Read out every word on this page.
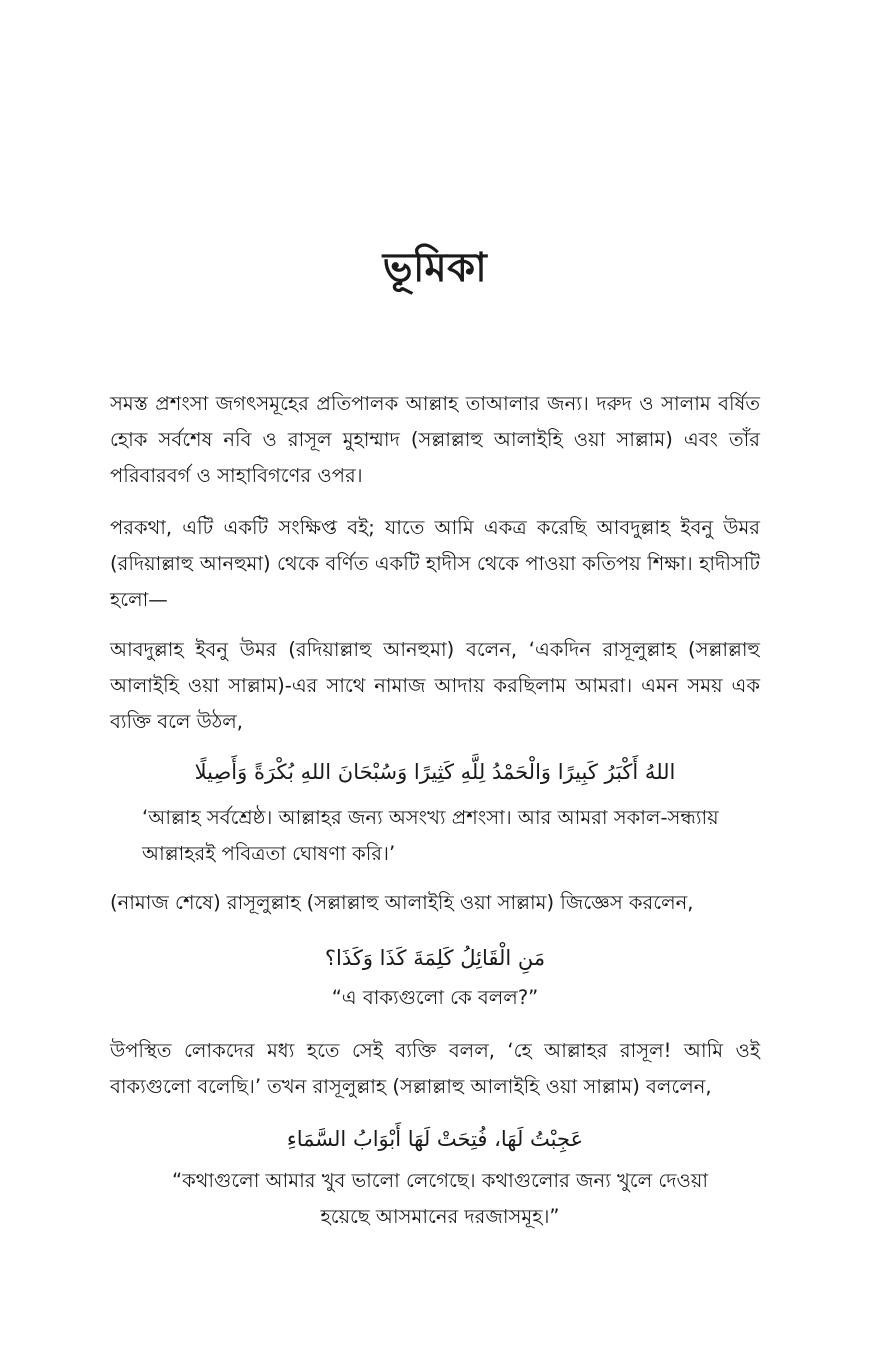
ভূমিকা
সমস্ত প্রশংসা জগৎসমূহের প্রতিপালক আল্লাহ তাআলার জন্য। দরুদ ও সালাম বর্ষিত হোক সর্বশেষ নবি ও রাসূল মুহাম্মাদ (সল্লাল্লাহু আলাইহি ওয়া সাল্লাম) এবং তাঁর পরিবারবর্গ ও সাহাবিগণের ওপর।
পরকথা, এটি একটি সংক্ষিপ্ত বই; যাতে আমি একত্র করেছি আবদুল্লাহ ইবনু উমর (রদিয়াল্লাহু আনহুমা) থেকে বর্ণিত একটি হাদীস থেকে পাওয়া কতিপয় শিক্ষা। হাদীসটি হলো—
আবদুল্লাহ ইবনু উমর (রদিয়াল্লাহু আনহুমা) বলেন, ‘একদিন রাসূলুল্লাহ (সল্লাল্লাহু আলাইহি ওয়া সাল্লাম)-এর সাথে নামাজ আদায় করছিলাম আমরা। এমন সময় এক ব্যক্তি বলে উঠল,
اللهُ أَكْبَرُ كَبِيرًا وَالْحَمْدُ لِلَّهِ كَثِيرًا وَسُبْحَانَ اللهِ بُكْرَةً وَأَصِيلًا
‘আল্লাহ সর্বশ্রেষ্ঠ। আল্লাহর জন্য অসংখ্য প্রশংসা। আর আমরা সকাল-সন্ধ্যায় আল্লাহরই পবিত্রতা ঘোষণা করি।’
(নামাজ শেষে) রাসূলুল্লাহ (সল্লাল্লাহু আলাইহি ওয়া সাল্লাম) জিজ্ঞেস করলেন,
مَنِ الْقَائِلُ كَلِمَةَ كَذَا وَكَذَا؟
“এ বাক্যগুলো কে বলল?”
উপস্থিত লোকদের মধ্য হতে সেই ব্যক্তি বলল, ‘হে আল্লাহর রাসূল! আমি ওই বাক্যগুলো বলেছি।’ তখন রাসূলুল্লাহ (সল্লাল্লাহু আলাইহি ওয়া সাল্লাম) বললেন,
عَجِبْتُ لَهَا، فُتِحَتْ لَهَا أَبْوَابُ السَّمَاءِ
“কথাগুলো আমার খুব ভালো লেগেছে। কথাগুলোর জন্য খুলে দেওয়া হয়েছে আসমানের দরজাসমূহ।”
